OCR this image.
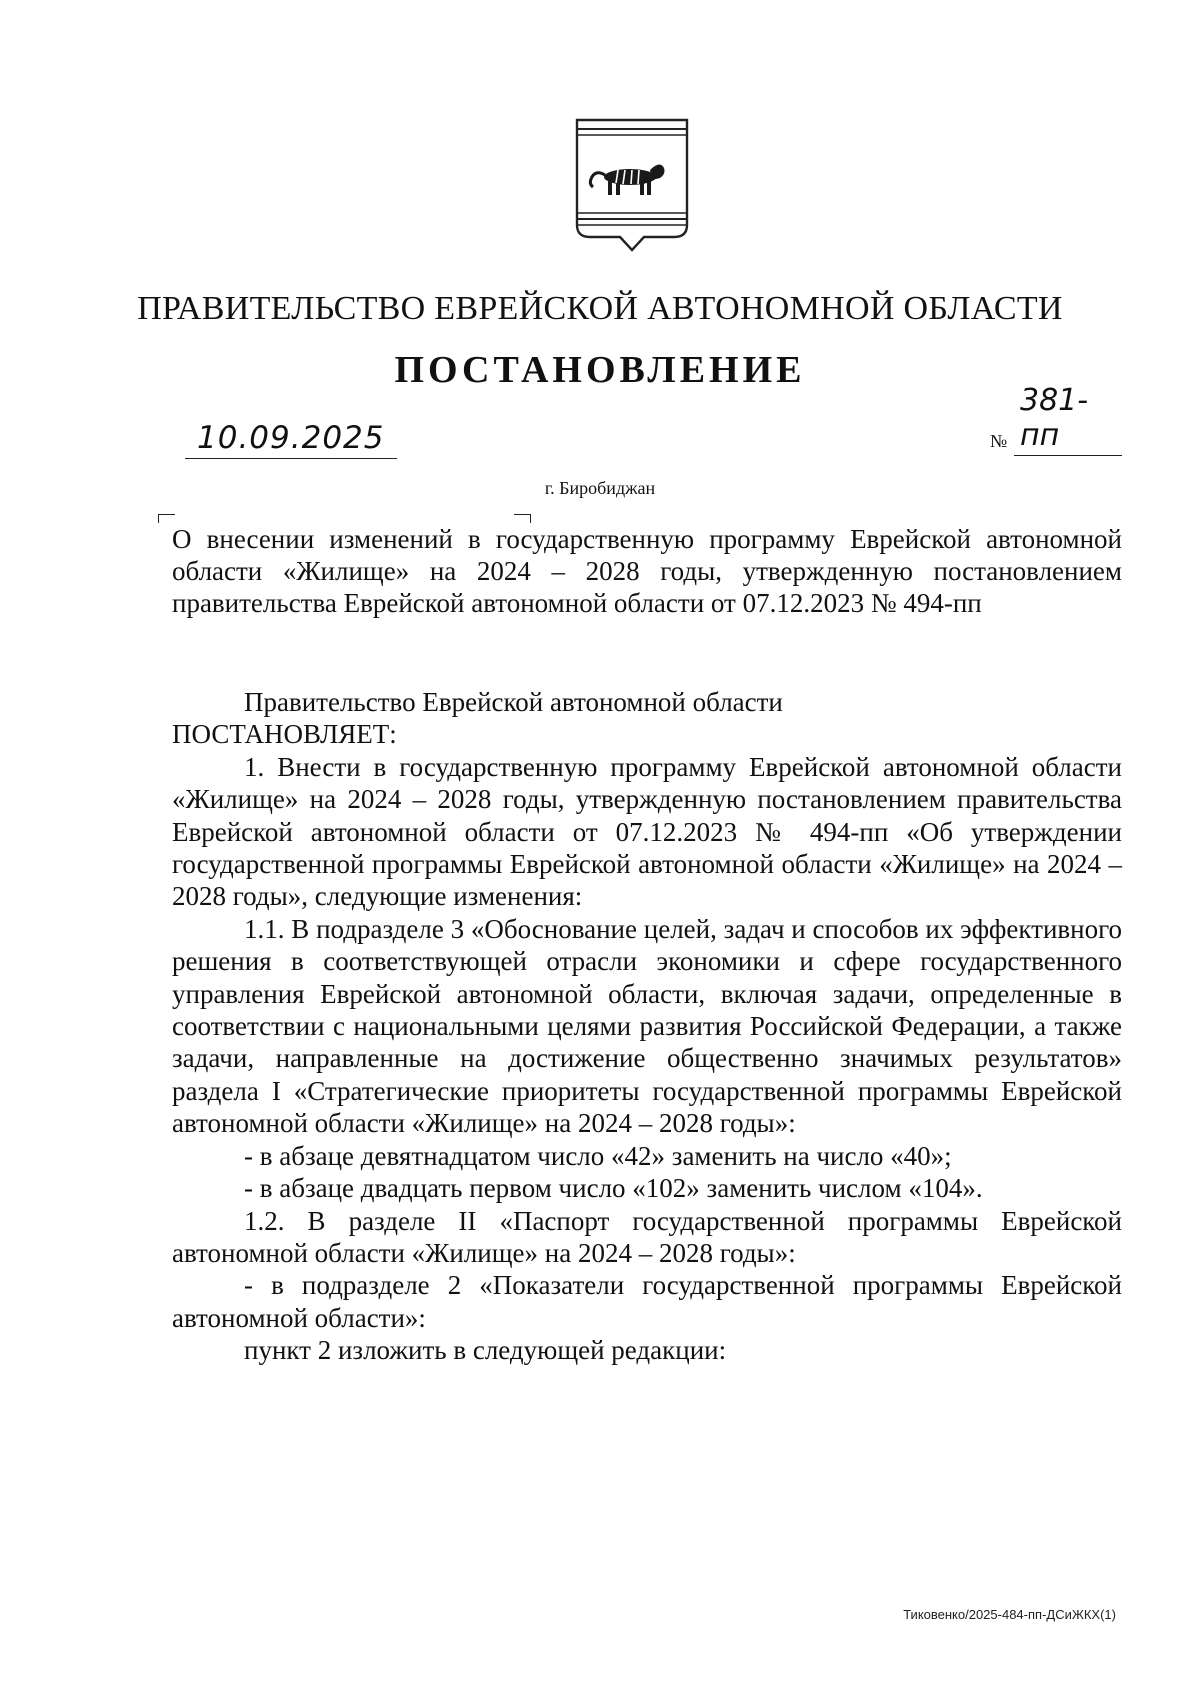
ПРАВИТЕЛЬСТВО ЕВРЕЙСКОЙ АВТОНОМНОЙ ОБЛАСТИ
ПОСТАНОВЛЕНИЕ
10.09.2025	№
381-пп
г. Биробиджан
О внесении изменений в государственную программу Еврейской автономной области «Жилище» на 2024 – 2028 годы, утвержденную постановлением правительства Еврейской автономной области от 07.12.2023 № 494-пп

Правительство Еврейской автономной области

ПОСТАНОВЛЯЕТ:

1. Внести в государственную программу Еврейской автономной области «Жилище» на 2024 – 2028 годы, утвержденную постановлением правительства Еврейской автономной области от 07.12.2023 № 494-пп «Об утверждении государственной программы Еврейской автономной области «Жилище» на 2024 – 2028 годы», следующие изменения:

1.1. В подразделе 3 «Обоснование целей, задач и способов их эффективного решения в соответствующей отрасли экономики и сфере государственного управления Еврейской автономной области, включая задачи, определенные в соответствии с национальными целями развития Российской Федерации, а также задачи, направленные на достижение общественно значимых результатов» раздела I «Стратегические приоритеты государственной программы Еврейской автономной области «Жилище» на 2024 – 2028 годы»:

- в абзаце девятнадцатом число «42» заменить на число «40»;

- в абзаце двадцать первом число «102» заменить числом «104».

1.2. В разделе II «Паспорт государственной программы Еврейской автономной области «Жилище» на 2024 – 2028 годы»:

- в подразделе 2 «Показатели государственной программы Еврейской автономной области»:

пункт 2 изложить в следующей редакции:

Тиковенко/2025-484-пп-ДСиЖКХ(1)
